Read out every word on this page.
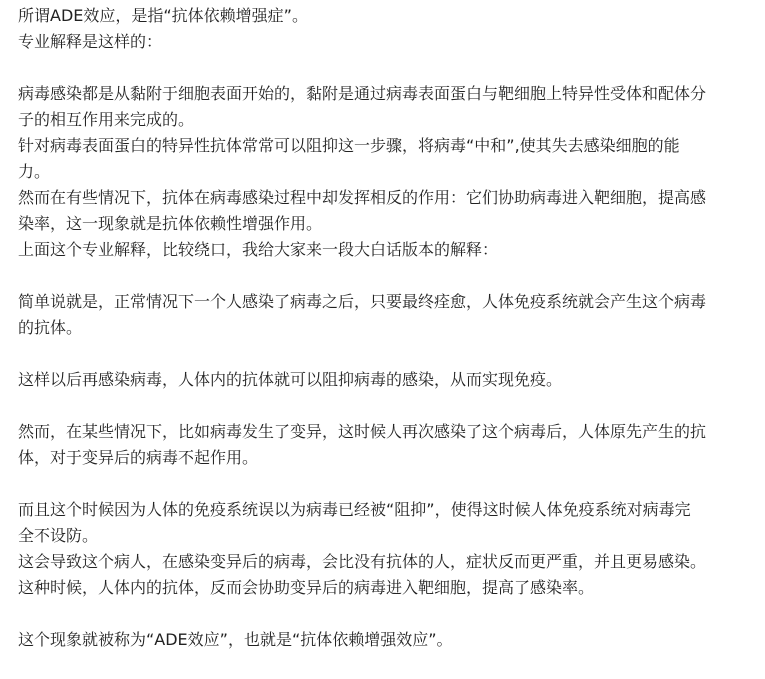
所谓ADE效应，是指“抗体依赖增强症”。
专业解释是这样的：
病毒感染都是从黏附于细胞表面开始的，黏附是通过病毒表面蛋白与靶细胞上特异性受体和配体分
子的相互作用来完成的。
针对病毒表面蛋白的特异性抗体常常可以阻抑这一步骤，将病毒“中和”,使其失去感染细胞的能
力。
然而在有些情况下，抗体在病毒感染过程中却发挥相反的作用：它们协助病毒进入靶细胞，提高感
染率，这一现象就是抗体依赖性增强作用。
上面这个专业解释，比较绕口，我给大家来一段大白话版本的解释：
简单说就是，正常情况下一个人感染了病毒之后，只要最终痊愈，人体免疫系统就会产生这个病毒
的抗体。
这样以后再感染病毒，人体内的抗体就可以阻抑病毒的感染，从而实现免疫。
然而，在某些情况下，比如病毒发生了变异，这时候人再次感染了这个病毒后，人体原先产生的抗
体，对于变异后的病毒不起作用。
而且这个时候因为人体的免疫系统误以为病毒已经被“阻抑”，使得这时候人体免疫系统对病毒完
全不设防。
这会导致这个病人，在感染变异后的病毒，会比没有抗体的人，症状反而更严重，并且更易感染。
这种时候，人体内的抗体，反而会协助变异后的病毒进入靶细胞，提高了感染率。
这个现象就被称为“ADE效应”，也就是“抗体依赖增强效应”。
